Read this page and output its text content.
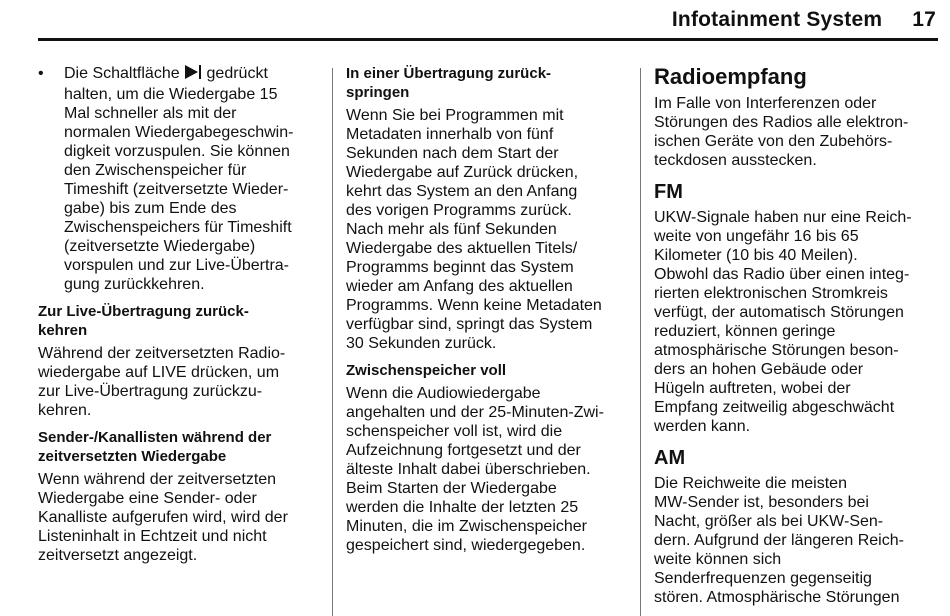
Infotainment System 17
• Die Schaltfläche  gedrückt
halten, um die Wiedergabe 15
Mal schneller als mit der
normalen Wiedergabegeschwin-
digkeit vorzuspulen. Sie können
den Zwischenspeicher für
Timeshift (zeitversetzte Wieder-
gabe) bis zum Ende des
Zwischenspeichers für Timeshift
(zeitversetzte Wiedergabe)
vorspulen und zur Live-Übertra-
gung zurückkehren.
Zur Live-Übertragung zurück-
kehren
Während der zeitversetzten Radio-
wiedergabe auf LIVE drücken, um
zur Live-Übertragung zurückzu-
kehren.
Sender-/Kanallisten während der
zeitversetzten Wiedergabe
Wenn während der zeitversetzten
Wiedergabe eine Sender- oder
Kanalliste aufgerufen wird, wird der
Listeninhalt in Echtzeit und nicht
zeitversetzt angezeigt.
In einer Übertragung zurück-
springen
Wenn Sie bei Programmen mit
Metadaten innerhalb von fünf
Sekunden nach dem Start der
Wiedergabe auf Zurück drücken,
kehrt das System an den Anfang
des vorigen Programms zurück.
Nach mehr als fünf Sekunden
Wiedergabe des aktuellen Titels/
Programms beginnt das System
wieder am Anfang des aktuellen
Programms. Wenn keine Metadaten
verfügbar sind, springt das System
30 Sekunden zurück.
Zwischenspeicher voll
Wenn die Audiowiedergabe
angehalten und der 25-Minuten-Zwi-
schenspeicher voll ist, wird die
Aufzeichnung fortgesetzt und der
älteste Inhalt dabei überschrieben.
Beim Starten der Wiedergabe
werden die Inhalte der letzten 25
Minuten, die im Zwischenspeicher
gespeichert sind, wiedergegeben.
Radioempfang
Im Falle von Interferenzen oder
Störungen des Radios alle elektron-
ischen Geräte von den Zubehörs-
teckdosen ausstecken.
FM
UKW-Signale haben nur eine Reich-
weite von ungefähr 16 bis 65
Kilometer (10 bis 40 Meilen).
Obwohl das Radio über einen integ-
rierten elektronischen Stromkreis
verfügt, der automatisch Störungen
reduziert, können geringe
atmosphärische Störungen beson-
ders an hohen Gebäude oder
Hügeln auftreten, wobei der
Empfang zeitweilig abgeschwächt
werden kann.
AM
Die Reichweite die meisten
MW-Sender ist, besonders bei
Nacht, größer als bei UKW-Sen-
dern. Aufgrund der längeren Reich-
weite können sich
Senderfrequenzen gegenseitig
stören. Atmosphärische Störungen
